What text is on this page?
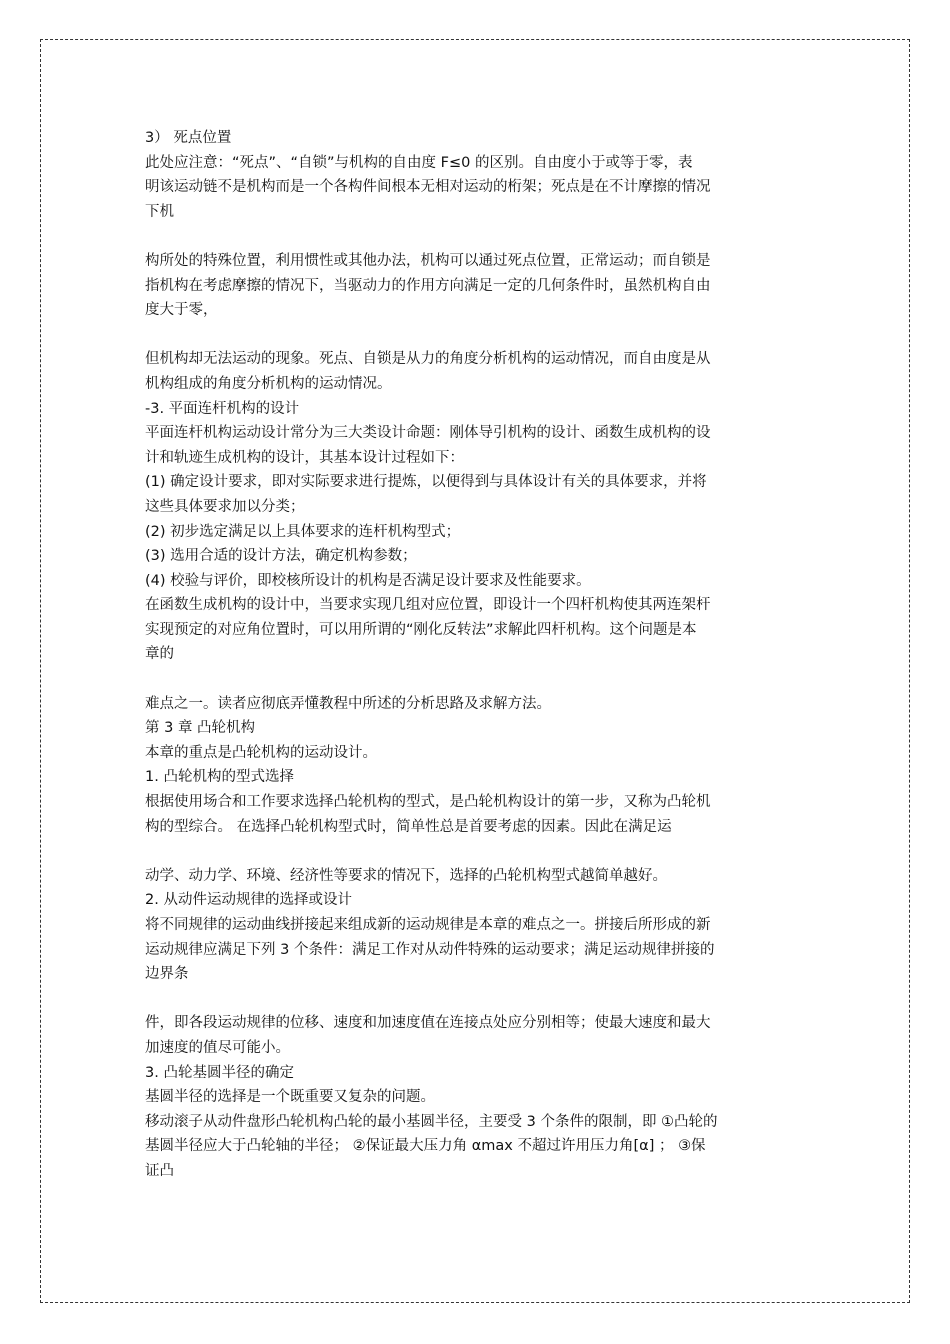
3） 死点位置
此处应注意：“死点”、“自锁”与机构的自由度 F≤0 的区别。自由度小于或等于零，表
明该运动链不是机构而是一个各构件间根本无相对运动的桁架；死点是在不计摩擦的情况
下机
构所处的特殊位置，利用惯性或其他办法，机构可以通过死点位置，正常运动；而自锁是
指机构在考虑摩擦的情况下，当驱动力的作用方向满足一定的几何条件时，虽然机构自由
度大于零，
但机构却无法运动的现象。死点、自锁是从力的角度分析机构的运动情况，而自由度是从
机构组成的角度分析机构的运动情况。
-3. 平面连杆机构的设计
平面连杆机构运动设计常分为三大类设计命题：刚体导引机构的设计、函数生成机构的设
计和轨迹生成机构的设计，其基本设计过程如下：
(1) 确定设计要求，即对实际要求进行提炼，以便得到与具体设计有关的具体要求，并将
这些具体要求加以分类；
(2) 初步选定满足以上具体要求的连杆机构型式；
(3) 选用合适的设计方法，确定机构参数；
(4) 校验与评价，即校核所设计的机构是否满足设计要求及性能要求。
在函数生成机构的设计中，当要求实现几组对应位置，即设计一个四杆机构使其两连架杆
实现预定的对应角位置时，可以用所谓的“刚化反转法”求解此四杆机构。这个问题是本
章的
难点之一。读者应彻底弄懂教程中所述的分析思路及求解方法。
第 3 章 凸轮机构
本章的重点是凸轮机构的运动设计。
1. 凸轮机构的型式选择
根据使用场合和工作要求选择凸轮机构的型式，是凸轮机构设计的第一步，又称为凸轮机
构的型综合。 在选择凸轮机构型式时，简单性总是首要考虑的因素。因此在满足运
动学、动力学、环境、经济性等要求的情况下，选择的凸轮机构型式越简单越好。
2. 从动件运动规律的选择或设计
将不同规律的运动曲线拼接起来组成新的运动规律是本章的难点之一。拼接后所形成的新
运动规律应满足下列 3 个条件：满足工作对从动件特殊的运动要求；满足运动规律拼接的
边界条
件，即各段运动规律的位移、速度和加速度值在连接点处应分别相等；使最大速度和最大
加速度的值尽可能小。
3. 凸轮基圆半径的确定
基圆半径的选择是一个既重要又复杂的问题。
移动滚子从动件盘形凸轮机构凸轮的最小基圆半径，主要受 3 个条件的限制，即 ①凸轮的
基圆半径应大于凸轮轴的半径； ②保证最大压力角 αmax 不超过许用压力角[α] ； ③保
证凸
